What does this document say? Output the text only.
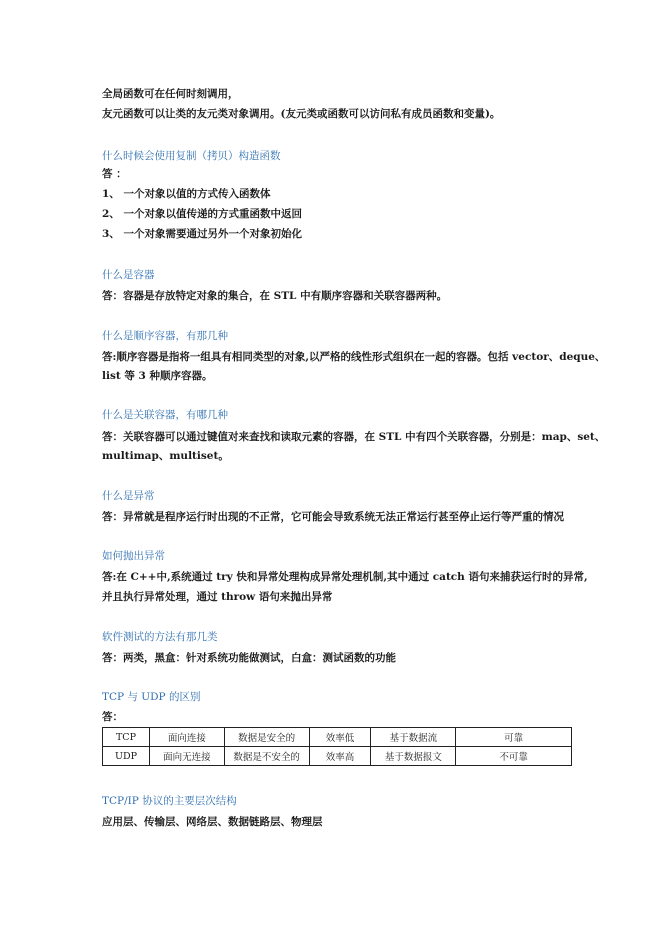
全局函数可在任何时刻调用，
友元函数可以让类的友元类对象调用。(友元类或函数可以访问私有成员函数和变量)。
什么时候会使用复制（拷贝）构造函数
答 ：
1、 一个对象以值的方式传入函数体
2、 一个对象以值传递的方式重函数中返回
3、 一个对象需要通过另外一个对象初始化
什么是容器
答：容器是存放特定对象的集合，在 STL 中有顺序容器和关联容器两种。
什么是顺序容器，有那几种
答:顺序容器是指将一组具有相同类型的对象,以严格的线性形式组织在一起的容器。包括 vector、deque、
list 等 3 种顺序容器。
什么是关联容器，有哪几种
答：关联容器可以通过键值对来查找和读取元素的容器，在 STL 中有四个关联容器，分别是：map、set、
multimap、multiset。
什么是异常
答：异常就是程序运行时出现的不正常，它可能会导致系统无法正常运行甚至停止运行等严重的情况
如何抛出异常
答:在 C++中,系统通过 try 快和异常处理构成异常处理机制,其中通过 catch 语句来捕获运行时的异常,
并且执行异常处理，通过 throw 语句来抛出异常
软件测试的方法有那几类
答：两类，黑盒：针对系统功能做测试，白盒：测试函数的功能
TCP 与 UDP 的区别
答：
TCP	面向连接	数据是安全的	效率低	基于数据流	可靠
UDP	面向无连接	数据是不安全的	效率高	基于数据报文	不可靠
TCP/IP 协议的主要层次结构
应用层、传输层、网络层、数据链路层、物理层
